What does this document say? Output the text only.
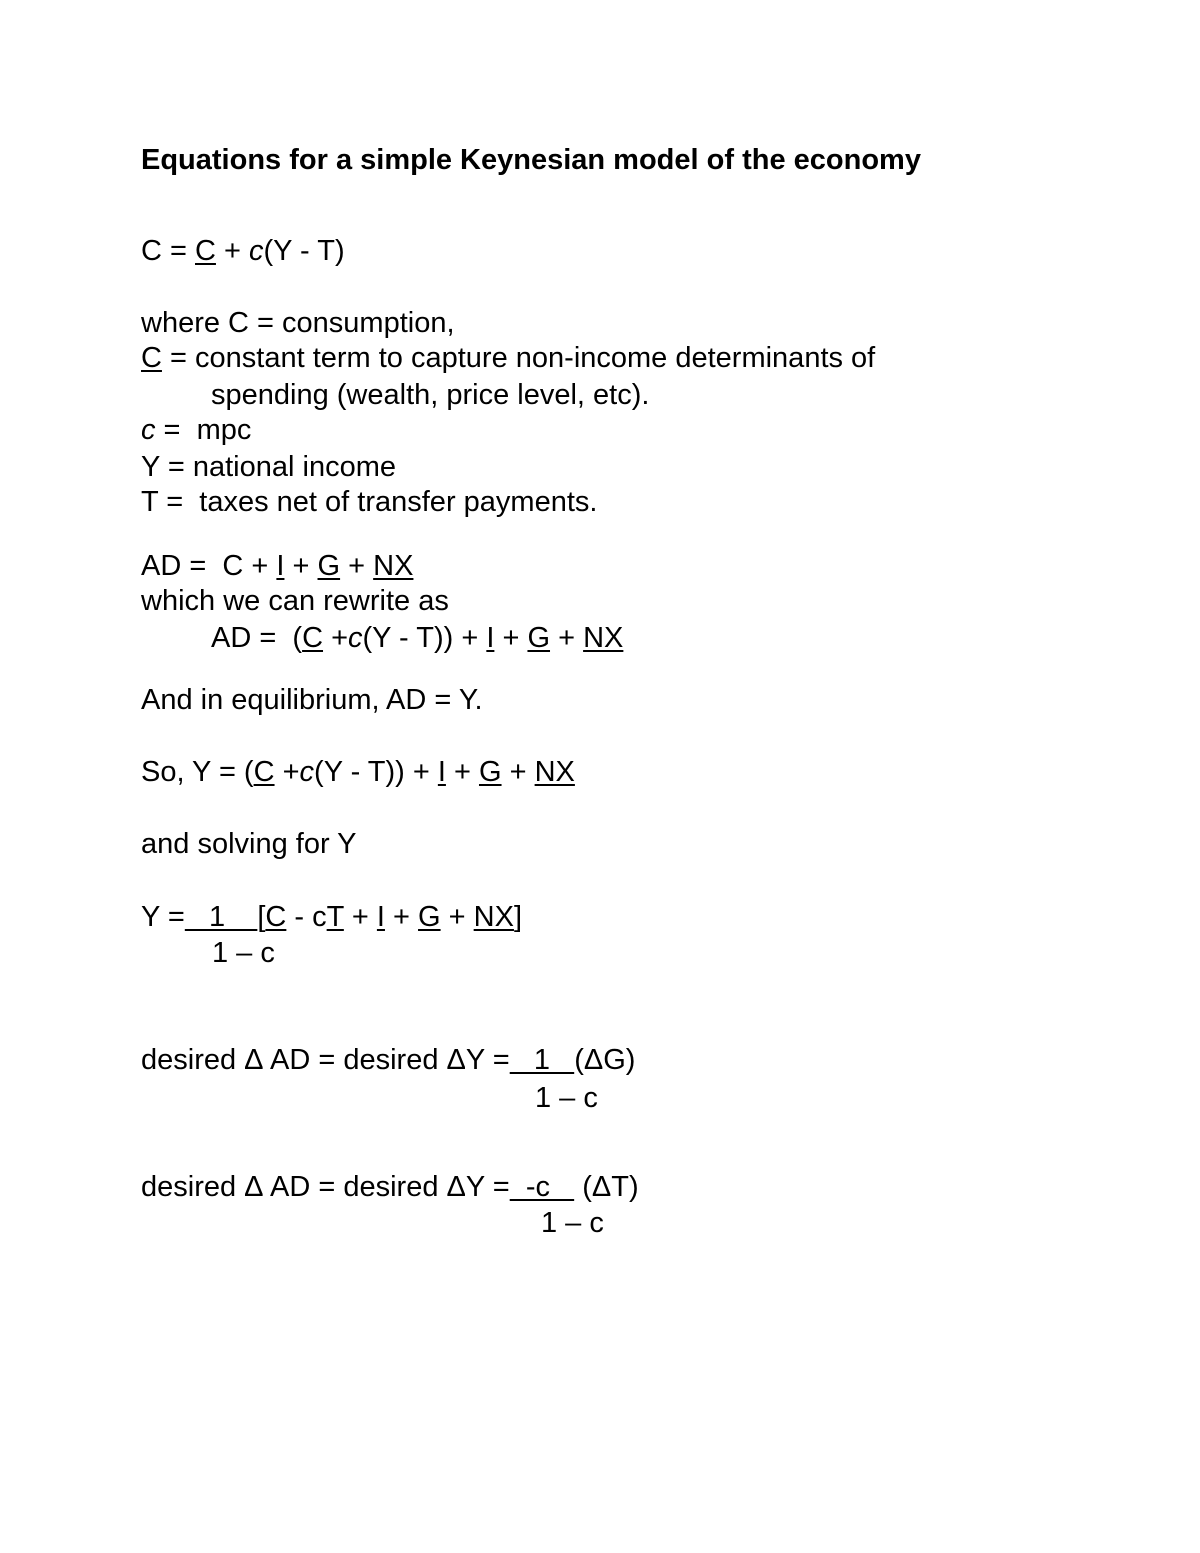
Equations for a simple Keynesian model of the economy
C = C + c(Y - T)
where C = consumption,
C = constant term to capture non-income determinants of
spending (wealth, price level, etc).
c =  mpc
Y = national income
T =  taxes net of transfer payments.
AD =  C + I + G + NX
which we can rewrite as
AD =  (C +c(Y - T)) + I + G + NX
And in equilibrium, AD = Y.
So, Y = (C +c(Y - T)) + I + G + NX
and solving for Y
Y =   1    [C - cT + I + G + NX]
1 – c
desired Δ AD = desired ΔY =   1   (ΔG)
1 – c
desired Δ AD = desired ΔY =  -c    (ΔT)
1 – c
